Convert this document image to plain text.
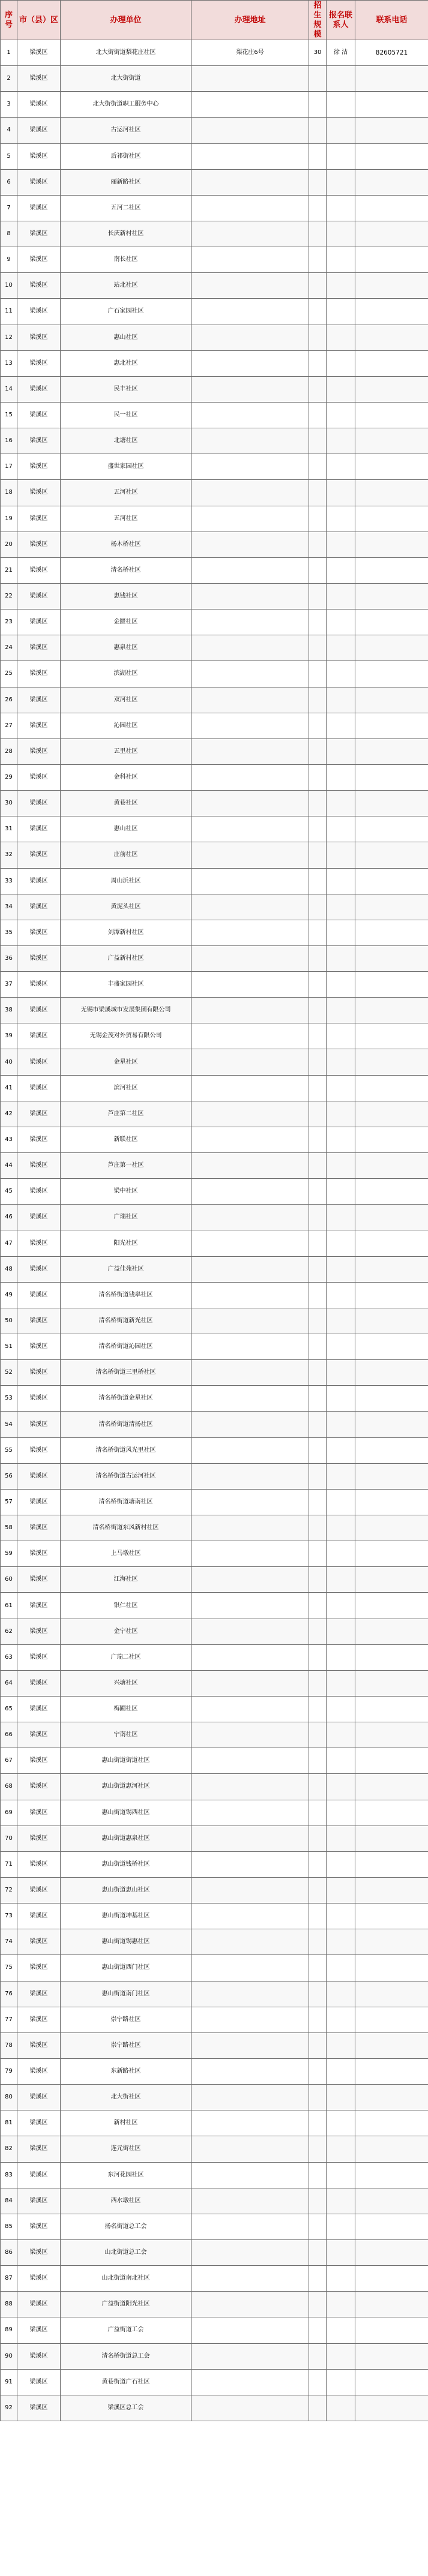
序号	市（县）区	办理单位	办理地址	招生规模	报名联系人	联系电话
1	梁溪区	北大街街道梨花庄社区	梨花庄6号	30	徐 洁	82605721
2	梁溪区	北大街街道				
3	梁溪区	北大街街道职工服务中心				
4	梁溪区	古运河社区				
5	梁溪区	后祁街社区				
6	梁溪区	丽新路社区				
7	梁溪区	五河二社区				
8	梁溪区	长庆新村社区				
9	梁溪区	南长社区				
10	梁溪区	站北社区				
11	梁溪区	广石家园社区				
12	梁溪区	惠山社区				
13	梁溪区	惠北社区				
14	梁溪区	民丰社区				
15	梁溪区	民一社区				
16	梁溪区	北塘社区				
17	梁溪区	盛世家园社区				
18	梁溪区	五河社区				
19	梁溪区	五河社区				
20	梁溪区	杨木桥社区				
21	梁溪区	清名桥社区				
22	梁溪区	惠钱社区				
23	梁溪区	金匮社区				
24	梁溪区	惠泉社区				
25	梁溪区	滨湖社区				
26	梁溪区	双河社区				
27	梁溪区	沁园社区				
28	梁溪区	五里社区				
29	梁溪区	金科社区				
30	梁溪区	黄巷社区				
31	梁溪区	惠山社区				
32	梁溪区	庄前社区				
33	梁溪区	周山浜社区				
34	梁溪区	黄泥头社区				
35	梁溪区	刘潭新村社区				
36	梁溪区	广益新村社区				
37	梁溪区	丰盛家园社区				
38	梁溪区	无锡市梁溪城市发展集团有限公司				
39	梁溪区	无锡金茂对外贸易有限公司				
40	梁溪区	金星社区				
41	梁溪区	滨河社区				
42	梁溪区	芦庄第二社区				
43	梁溪区	新联社区				
44	梁溪区	芦庄第一社区				
45	梁溪区	梁中社区				
46	梁溪区	广瑞社区				
47	梁溪区	阳光社区				
48	梁溪区	广益佳苑社区				
49	梁溪区	清名桥街道钱皋社区				
50	梁溪区	清名桥街道新光社区				
51	梁溪区	清名桥街道沁园社区				
52	梁溪区	清名桥街道三里桥社区				
53	梁溪区	清名桥街道金星社区				
54	梁溪区	清名桥街道清扬社区				
55	梁溪区	清名桥街道风光里社区				
56	梁溪区	清名桥街道古运河社区				
57	梁溪区	清名桥街道塘南社区				
58	梁溪区	清名桥街道东风新村社区				
59	梁溪区	上马墩社区				
60	梁溪区	江海社区				
61	梁溪区	银仁社区				
62	梁溪区	金宁社区				
63	梁溪区	广瑞二社区				
64	梁溪区	兴塘社区				
65	梁溪区	梅圃社区				
66	梁溪区	宁南社区				
67	梁溪区	惠山街道街道社区				
68	梁溪区	惠山街道惠河社区				
69	梁溪区	惠山街道锡西社区				
70	梁溪区	惠山街道惠泉社区				
71	梁溪区	惠山街道钱桥社区				
72	梁溪区	惠山街道惠山社区				
73	梁溪区	惠山街道坤基社区				
74	梁溪区	惠山街道锡惠社区				
75	梁溪区	惠山街道西门社区				
76	梁溪区	惠山街道南门社区				
77	梁溪区	崇宁路社区				
78	梁溪区	崇宁路社区				
79	梁溪区	东新路社区				
80	梁溪区	北大街社区				
81	梁溪区	新村社区				
82	梁溪区	连元街社区				
83	梁溪区	东河花园社区				
84	梁溪区	西水墩社区				
85	梁溪区	扬名街道总工会				
86	梁溪区	山北街道总工会				
87	梁溪区	山北街道南北社区				
88	梁溪区	广益街道阳光社区				
89	梁溪区	广益街道工会				
90	梁溪区	清名桥街道总工会				
91	梁溪区	黄巷街道广石社区				
92	梁溪区	梁溪区总工会				
